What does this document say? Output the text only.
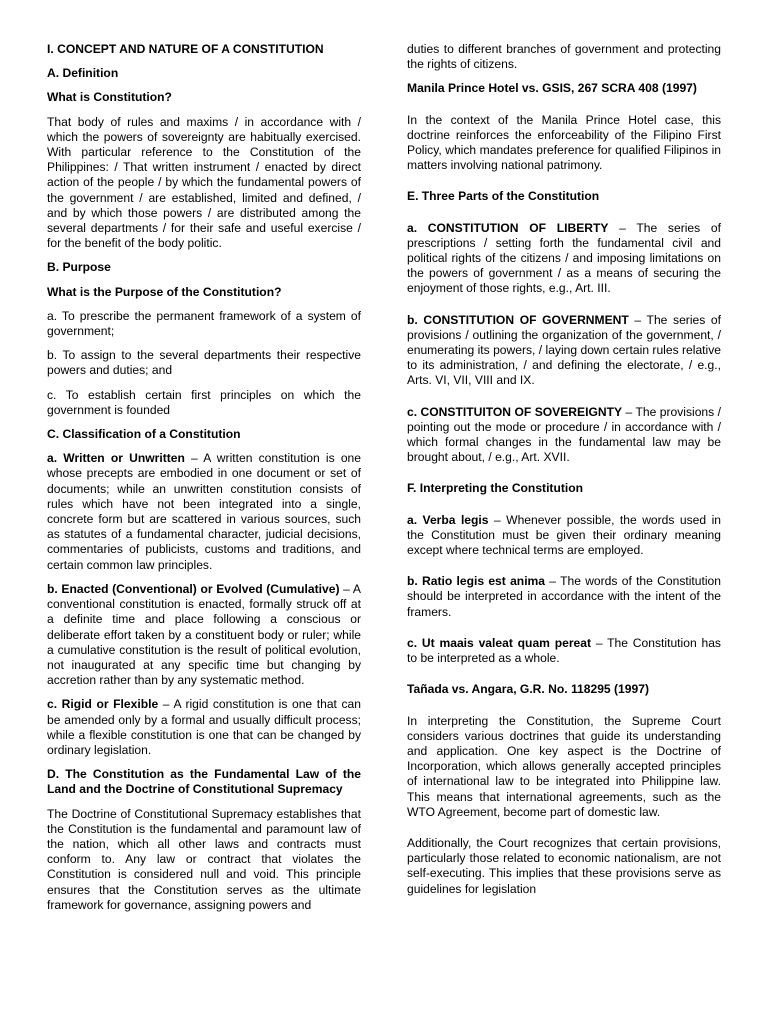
I. CONCEPT AND NATURE OF A CONSTITUTION

A. Definition

What is Constitution?

That body of rules and maxims / in accordance with / which the powers of sovereignty are habitually exercised. With particular reference to the Constitution of the Philippines: / That written instrument / enacted by direct action of the people / by which the fundamental powers of the government / are established, limited and defined, / and by which those powers / are distributed among the several departments / for their safe and useful exercise / for the benefit of the body politic.

B. Purpose

What is the Purpose of the Constitution?

a. To prescribe the permanent framework of a system of government;

b. To assign to the several departments their respective powers and duties; and

c. To establish certain first principles on which the government is founded

C. Classification of a Constitution

a. Written or Unwritten – A written constitution is one whose precepts are embodied in one document or set of documents; while an unwritten constitution consists of rules which have not been integrated into a single, concrete form but are scattered in various sources, such as statutes of a fundamental character, judicial decisions, commentaries of publicists, customs and traditions, and certain common law principles.

b. Enacted (Conventional) or Evolved (Cumulative) – A conventional constitution is enacted, formally struck off at a definite time and place following a conscious or deliberate effort taken by a constituent body or ruler; while a cumulative constitution is the result of political evolution, not inaugurated at any specific time but changing by accretion rather than by any systematic method.

c. Rigid or Flexible – A rigid constitution is one that can be amended only by a formal and usually difficult process; while a flexible constitution is one that can be changed by ordinary legislation.

D. The Constitution as the Fundamental Law of the Land and the Doctrine of Constitutional Supremacy

The Doctrine of Constitutional Supremacy establishes that the Constitution is the fundamental and paramount law of the nation, which all other laws and contracts must conform to. Any law or contract that violates the Constitution is considered null and void. This principle ensures that the Constitution serves as the ultimate framework for governance, assigning powers and

duties to different branches of government and protecting the rights of citizens.

Manila Prince Hotel vs. GSIS, 267 SCRA 408 (1997)

In the context of the Manila Prince Hotel case, this doctrine reinforces the enforceability of the Filipino First Policy, which mandates preference for qualified Filipinos in matters involving national patrimony.

E. Three Parts of the Constitution

a. CONSTITUTION OF LIBERTY – The series of prescriptions / setting forth the fundamental civil and political rights of the citizens / and imposing limitations on the powers of government / as a means of securing the enjoyment of those rights, e.g., Art. III.

b. CONSTITUTION OF GOVERNMENT – The series of provisions / outlining the organization of the government, / enumerating its powers, / laying down certain rules relative to its administration, / and defining the electorate, / e.g., Arts. VI, VII, VIII and IX.

c. CONSTITUITON OF SOVEREIGNTY – The provisions / pointing out the mode or procedure / in accordance with / which formal changes in the fundamental law may be brought about, / e.g., Art. XVII.

F. Interpreting the Constitution

a. Verba legis – Whenever possible, the words used in the Constitution must be given their ordinary meaning except where technical terms are employed.

b. Ratio legis est anima – The words of the Constitution should be interpreted in accordance with the intent of the framers.

c. Ut maais valeat quam pereat – The Constitution has to be interpreted as a whole.

Tañada vs. Angara, G.R. No. 118295 (1997)

In interpreting the Constitution, the Supreme Court considers various doctrines that guide its understanding and application. One key aspect is the Doctrine of Incorporation, which allows generally accepted principles of international law to be integrated into Philippine law. This means that international agreements, such as the WTO Agreement, become part of domestic law.

Additionally, the Court recognizes that certain provisions, particularly those related to economic nationalism, are not self-executing. This implies that these provisions serve as guidelines for legislation
